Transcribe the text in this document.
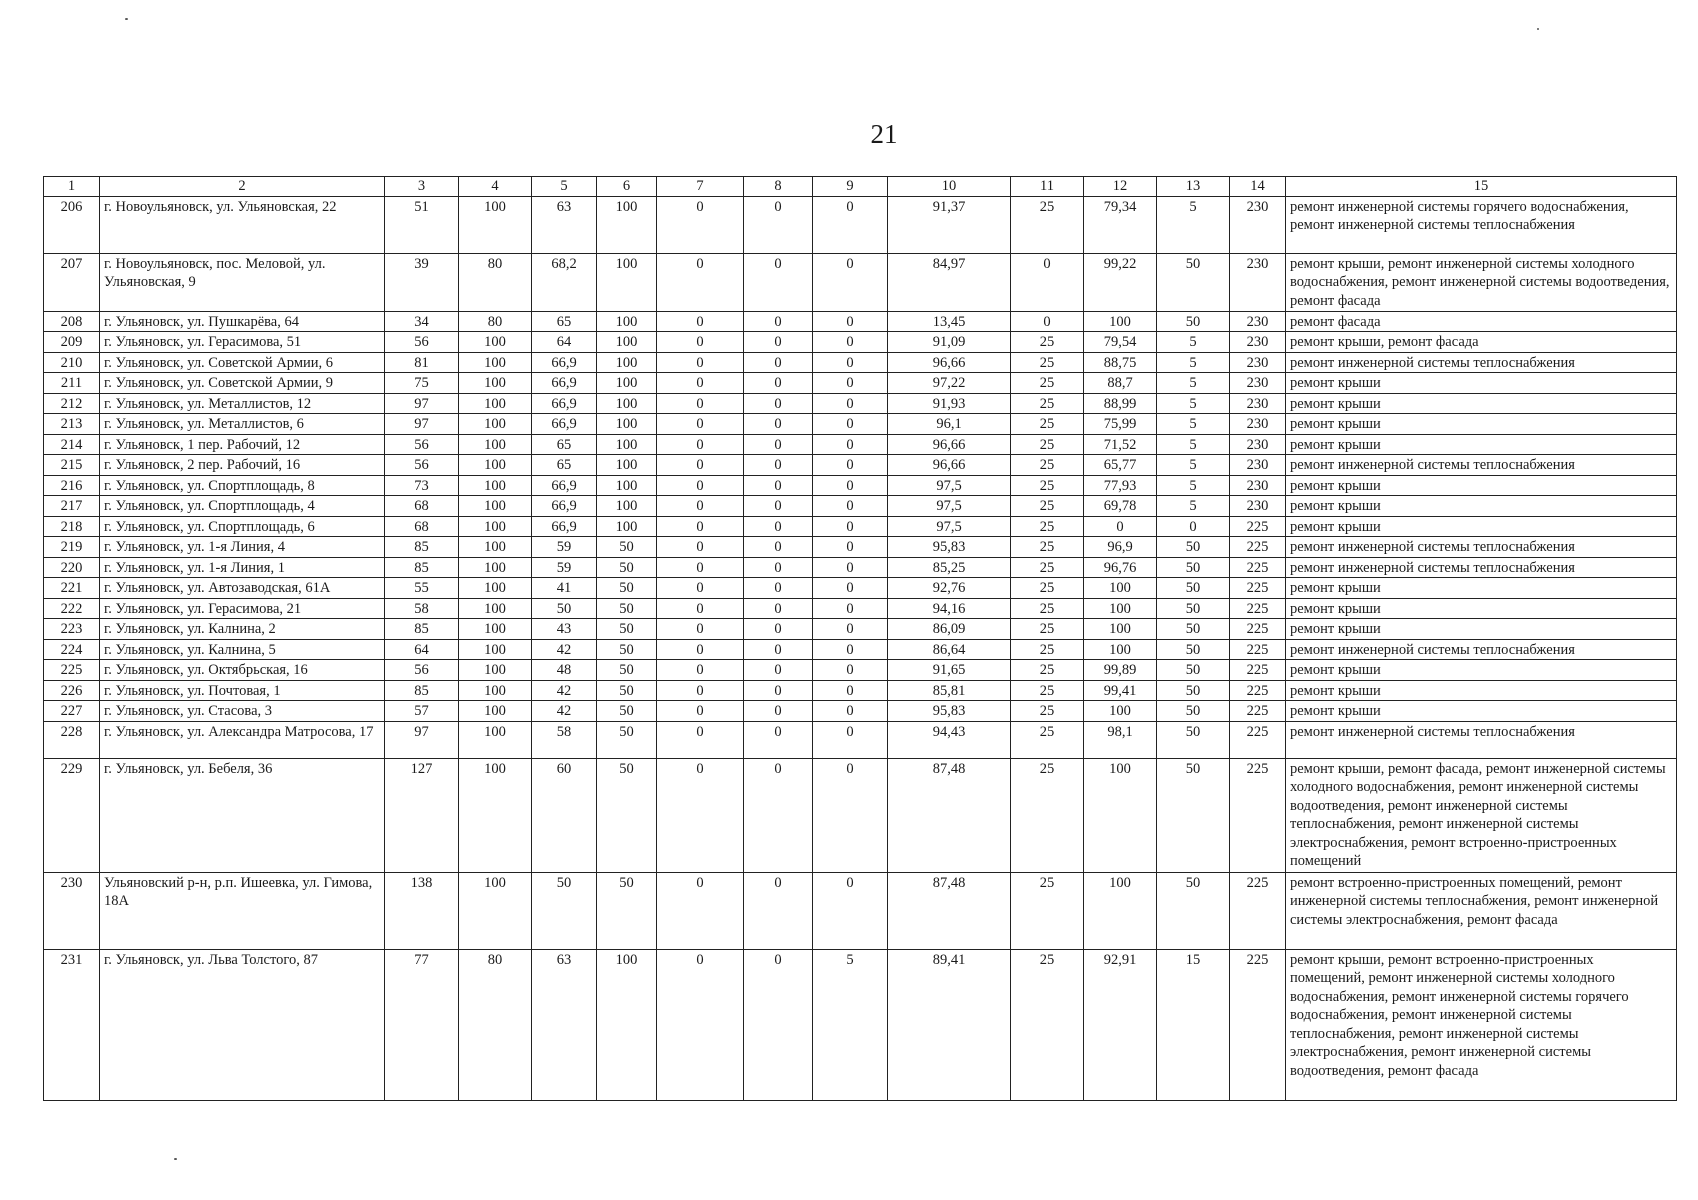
21
1	2	3	4	5	6	7	8	9	10	11	12	13	14	15
206	г. Новоульяновск, ул. Ульяновская, 22	51	100	63	100	0	0	0	91,37	25	79,34	5	230	ремонт инженерной системы горячего водоснабжения, ремонт инженерной системы теплоснабжения
207	г. Новоульяновск, пос. Меловой, ул. Ульяновская, 9	39	80	68,2	100	0	0	0	84,97	0	99,22	50	230	ремонт крыши, ремонт инженерной системы холодного водоснабжения, ремонт инженерной системы водоотведения, ремонт фасада
208	г. Ульяновск, ул. Пушкарёва, 64	34	80	65	100	0	0	0	13,45	0	100	50	230	ремонт фасада
209	г. Ульяновск, ул. Герасимова, 51	56	100	64	100	0	0	0	91,09	25	79,54	5	230	ремонт крыши, ремонт фасада
210	г. Ульяновск, ул. Советской Армии, 6	81	100	66,9	100	0	0	0	96,66	25	88,75	5	230	ремонт инженерной системы теплоснабжения
211	г. Ульяновск, ул. Советской Армии, 9	75	100	66,9	100	0	0	0	97,22	25	88,7	5	230	ремонт крыши
212	г. Ульяновск, ул. Металлистов, 12	97	100	66,9	100	0	0	0	91,93	25	88,99	5	230	ремонт крыши
213	г. Ульяновск, ул. Металлистов, 6	97	100	66,9	100	0	0	0	96,1	25	75,99	5	230	ремонт крыши
214	г. Ульяновск, 1 пер. Рабочий, 12	56	100	65	100	0	0	0	96,66	25	71,52	5	230	ремонт крыши
215	г. Ульяновск, 2 пер. Рабочий, 16	56	100	65	100	0	0	0	96,66	25	65,77	5	230	ремонт инженерной системы теплоснабжения
216	г. Ульяновск, ул. Спортплощадь, 8	73	100	66,9	100	0	0	0	97,5	25	77,93	5	230	ремонт крыши
217	г. Ульяновск, ул. Спортплощадь, 4	68	100	66,9	100	0	0	0	97,5	25	69,78	5	230	ремонт крыши
218	г. Ульяновск, ул. Спортплощадь, 6	68	100	66,9	100	0	0	0	97,5	25	0	0	225	ремонт крыши
219	г. Ульяновск, ул. 1-я Линия, 4	85	100	59	50	0	0	0	95,83	25	96,9	50	225	ремонт инженерной системы теплоснабжения
220	г. Ульяновск, ул. 1-я Линия, 1	85	100	59	50	0	0	0	85,25	25	96,76	50	225	ремонт инженерной системы теплоснабжения
221	г. Ульяновск, ул. Автозаводская, 61А	55	100	41	50	0	0	0	92,76	25	100	50	225	ремонт крыши
222	г. Ульяновск, ул. Герасимова, 21	58	100	50	50	0	0	0	94,16	25	100	50	225	ремонт крыши
223	г. Ульяновск, ул. Калнина, 2	85	100	43	50	0	0	0	86,09	25	100	50	225	ремонт крыши
224	г. Ульяновск, ул. Калнина, 5	64	100	42	50	0	0	0	86,64	25	100	50	225	ремонт инженерной системы теплоснабжения
225	г. Ульяновск, ул. Октябрьская, 16	56	100	48	50	0	0	0	91,65	25	99,89	50	225	ремонт крыши
226	г. Ульяновск, ул. Почтовая, 1	85	100	42	50	0	0	0	85,81	25	99,41	50	225	ремонт крыши
227	г. Ульяновск, ул. Стасова, 3	57	100	42	50	0	0	0	95,83	25	100	50	225	ремонт крыши
228	г. Ульяновск, ул. Александра Матросова, 17	97	100	58	50	0	0	0	94,43	25	98,1	50	225	ремонт инженерной системы теплоснабжения
229	г. Ульяновск, ул. Бебеля, 36	127	100	60	50	0	0	0	87,48	25	100	50	225	ремонт крыши, ремонт фасада, ремонт инженерной системы холодного водоснабжения, ремонт инженерной системы водоотведения, ремонт инженерной системы теплоснабжения, ремонт инженерной системы электроснабжения, ремонт встроенно-пристроенных помещений
230	Ульяновский р-н, р.п. Ишеевка, ул. Гимова, 18А	138	100	50	50	0	0	0	87,48	25	100	50	225	ремонт встроенно-пристроенных помещений, ремонт инженерной системы теплоснабжения, ремонт инженерной системы электроснабжения, ремонт фасада
231	г. Ульяновск, ул. Льва Толстого, 87	77	80	63	100	0	0	5	89,41	25	92,91	15	225	ремонт крыши, ремонт встроенно-пристроенных помещений, ремонт инженерной системы холодного водоснабжения, ремонт инженерной системы горячего водоснабжения, ремонт инженерной системы теплоснабжения, ремонт инженерной системы электроснабжения, ремонт инженерной системы водоотведения, ремонт фасада
